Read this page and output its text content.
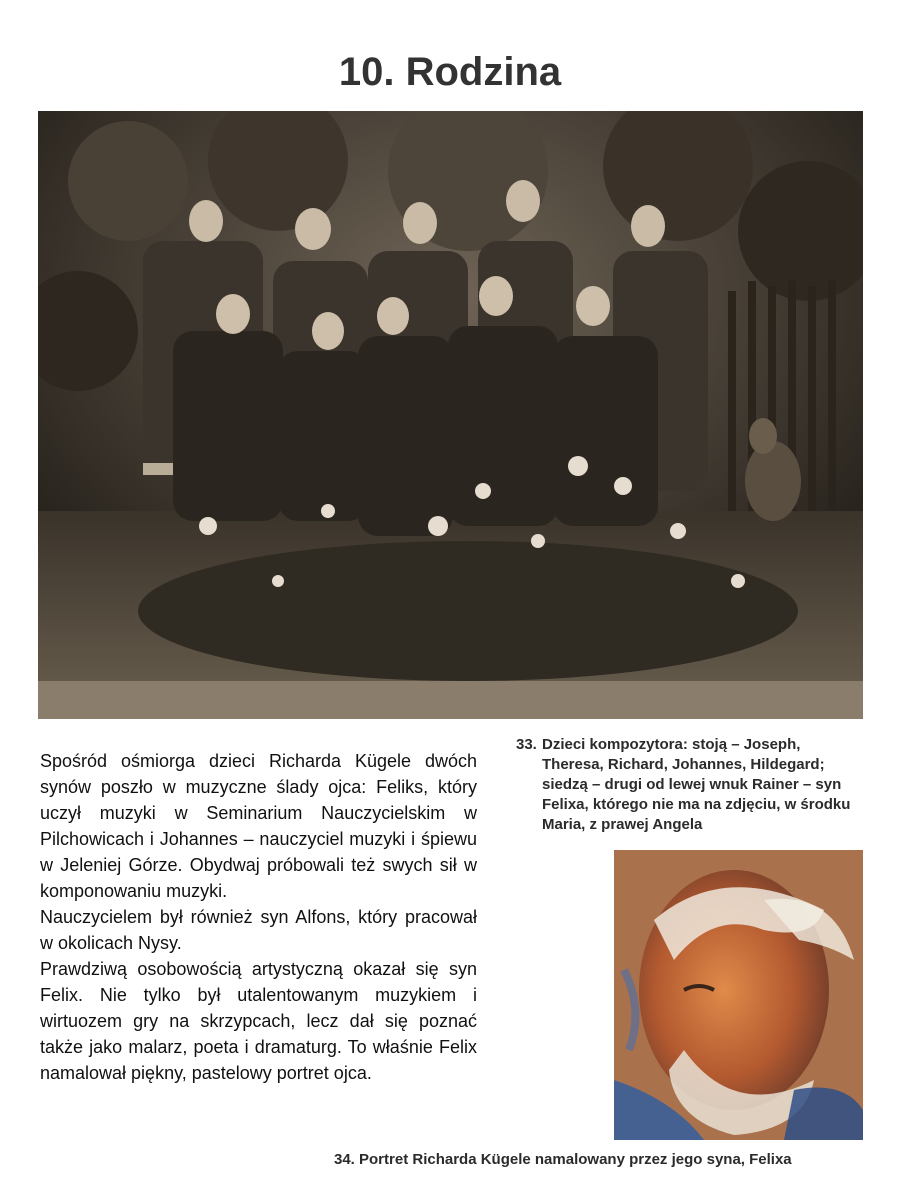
10. Rodzina
33. Dzieci kompozytora: stoją – Joseph, Theresa, Richard, Johannes, Hildegard; siedzą – drugi od lewej wnuk Rainer – syn Felixa, którego nie ma na zdjęciu, w środku Maria, z prawej Angela

Spośród ośmiorga dzieci Richarda Kügele dwóch synów poszło w muzyczne ślady ojca: Feliks, który uczył muzyki w Seminarium Nauczycielskim w Pilchowicach i Johannes – nauczyciel muzyki i śpiewu w Jeleniej Górze. Obydwaj próbowali też swych sił w komponowaniu muzyki.

Nauczycielem był również syn Alfons, który pracował w okolicach Nysy.

Prawdziwą osobowością artystyczną okazał się syn Felix. Nie tylko był utalentowanym muzykiem i wirtuozem gry na skrzypcach, lecz dał się poznać także jako malarz, poeta i dramaturg. To właśnie Felix namalował piękny, pastelowy portret ojca.

34. Portret Richarda Kügele namalowany przez jego syna, Felixa
